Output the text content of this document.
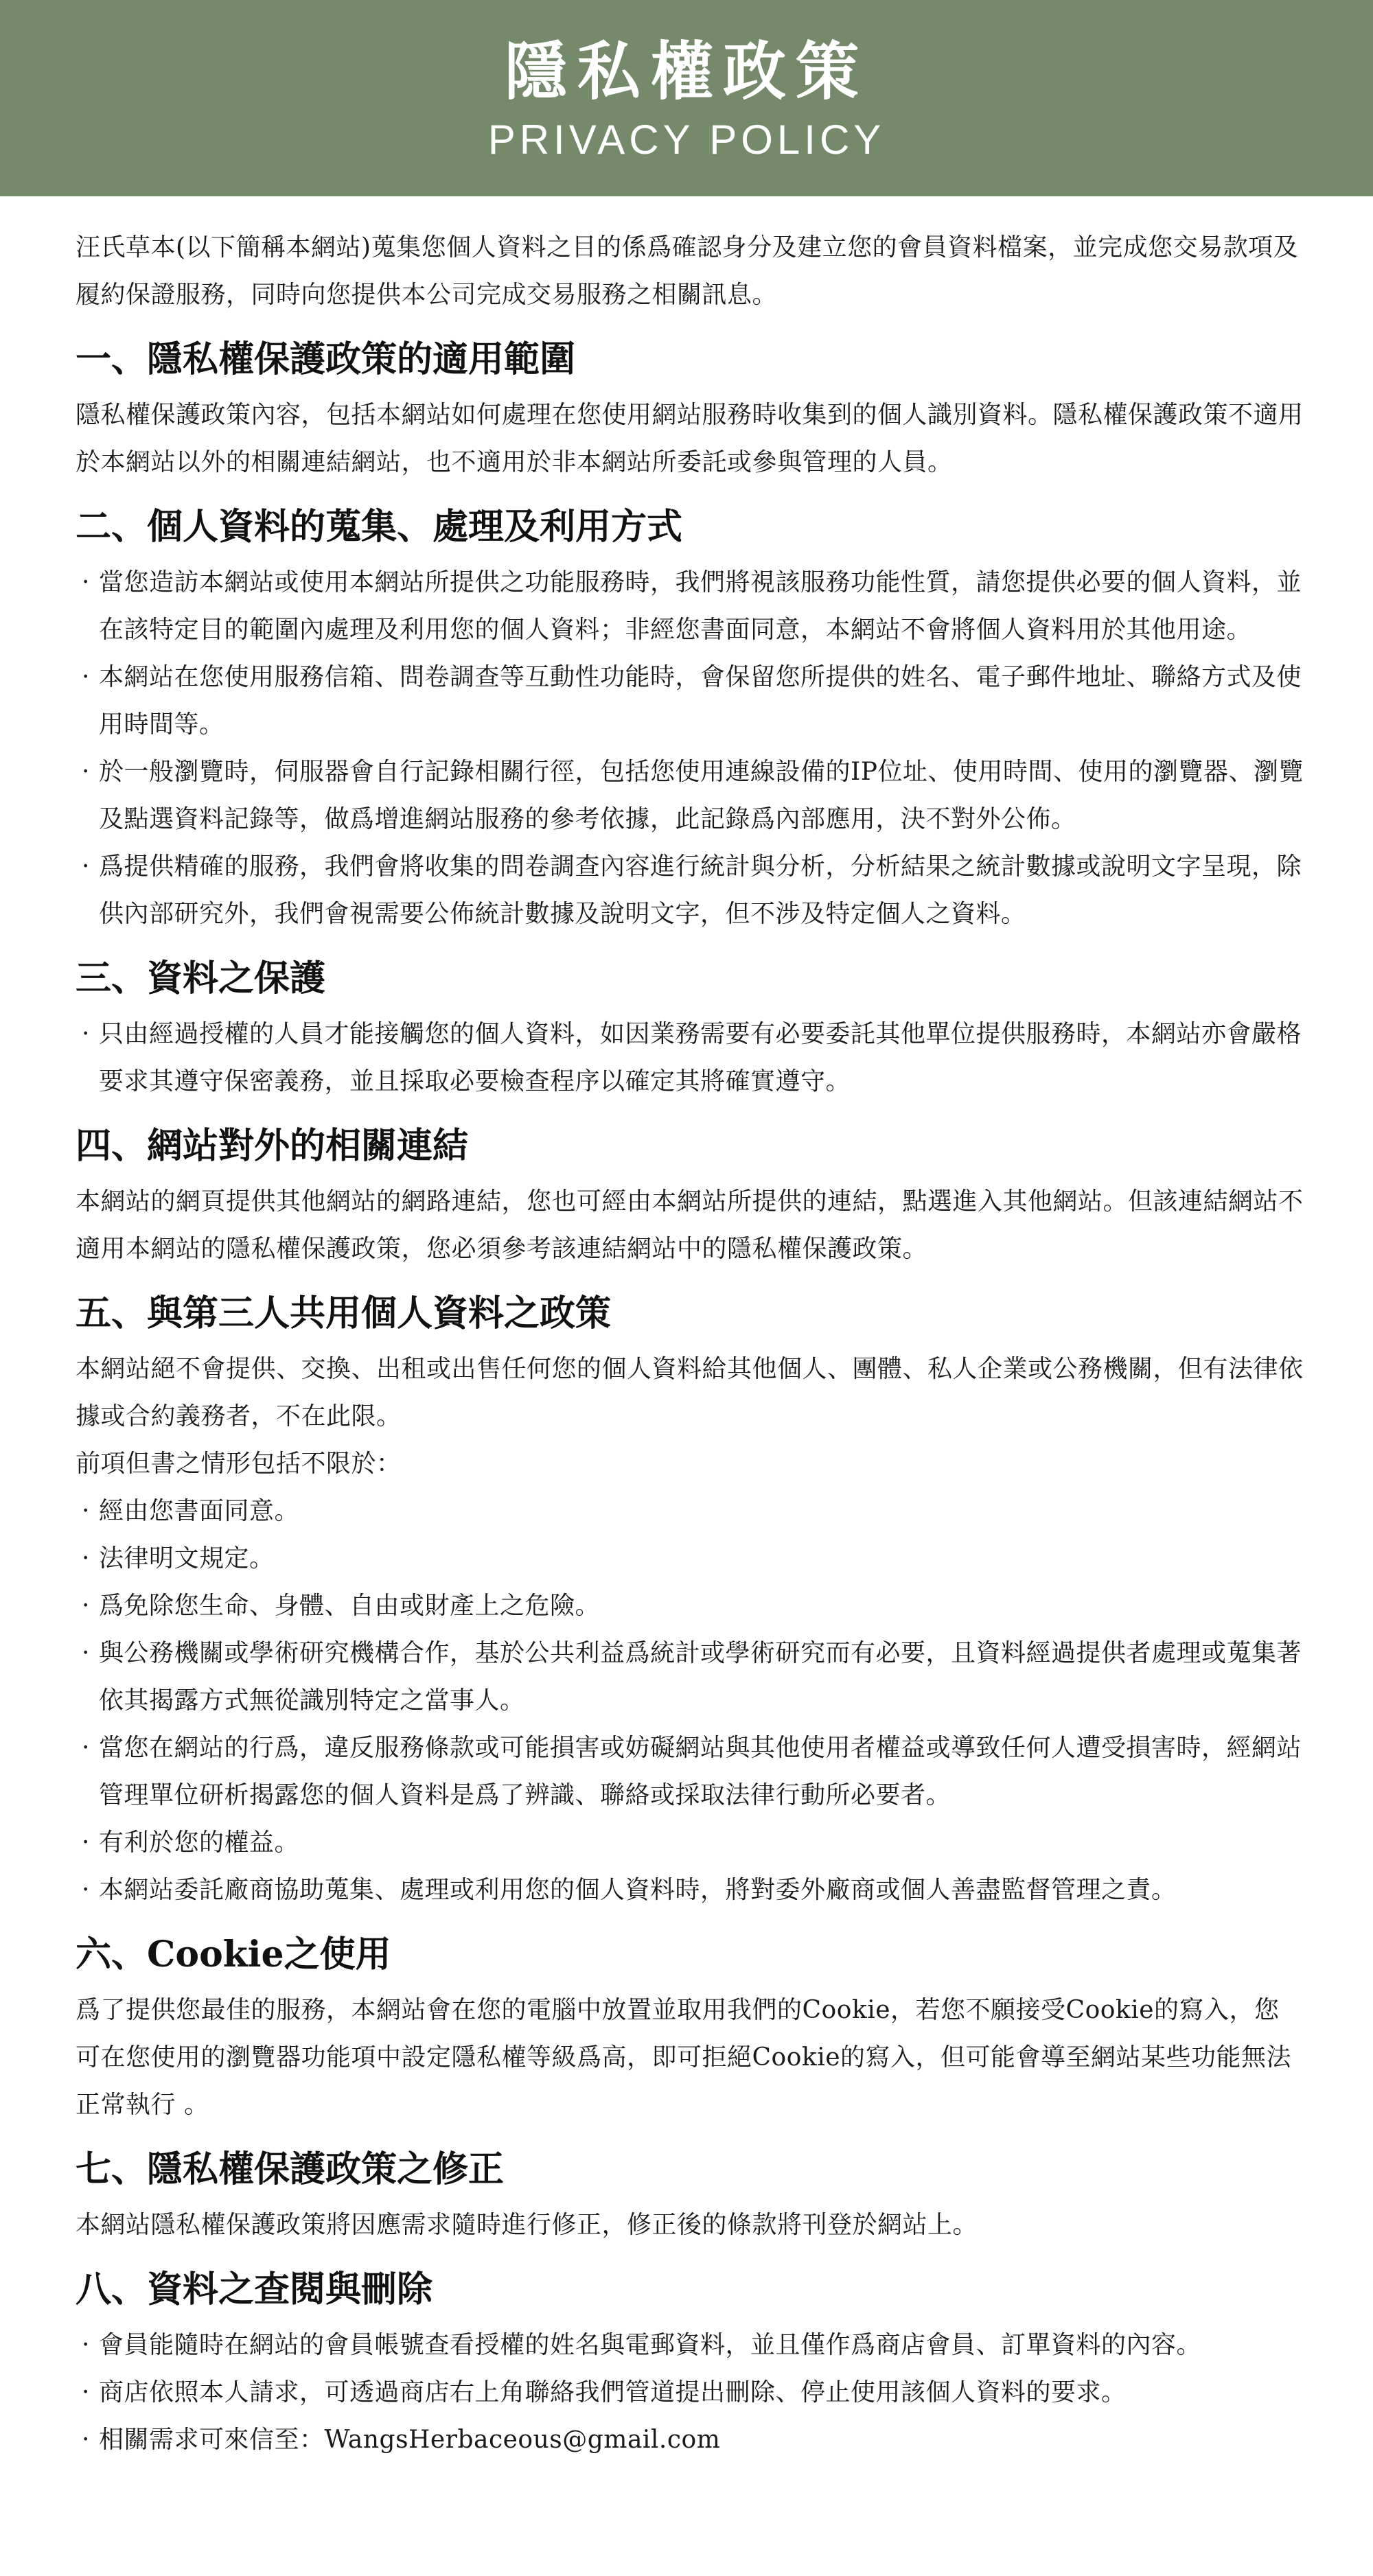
隱私權政策
PRIVACY POLICY

汪氏草本(以下簡稱本網站)蒐集您個人資料之目的係爲確認身分及建立您的會員資料檔案，並完成您交易款項及履約保證服務，同時向您提供本公司完成交易服務之相關訊息。

一、隱私權保護政策的適用範圍

隱私權保護政策內容，包括本網站如何處理在您使用網站服務時收集到的個人識別資料。隱私權保護政策不適用於本網站以外的相關連結網站，也不適用於非本網站所委託或參與管理的人員。

二、個人資料的蒐集、處理及利用方式
· 當您造訪本網站或使用本網站所提供之功能服務時，我們將視該服務功能性質，請您提供必要的個人資料，並在該特定目的範圍內處理及利用您的個人資料；非經您書面同意，本網站不會將個人資料用於其他用途。
· 本網站在您使用服務信箱、問卷調查等互動性功能時，會保留您所提供的姓名、電子郵件地址、聯絡方式及使用時間等。
· 於一般瀏覽時，伺服器會自行記錄相關行徑，包括您使用連線設備的IP位址、使用時間、使用的瀏覽器、瀏覽及點選資料記錄等，做爲增進網站服務的參考依據，此記錄爲內部應用，決不對外公佈。
· 爲提供精確的服務，我們會將收集的問卷調查內容進行統計與分析，分析結果之統計數據或說明文字呈現，除供內部研究外，我們會視需要公佈統計數據及說明文字，但不涉及特定個人之資料。
三、資料之保護
· 只由經過授權的人員才能接觸您的個人資料，如因業務需要有必要委託其他單位提供服務時，本網站亦會嚴格要求其遵守保密義務，並且採取必要檢查程序以確定其將確實遵守。
四、網站對外的相關連結

本網站的網頁提供其他網站的網路連結，您也可經由本網站所提供的連結，點選進入其他網站。但該連結網站不適用本網站的隱私權保護政策，您必須參考該連結網站中的隱私權保護政策。

五、與第三人共用個人資料之政策

本網站絕不會提供、交換、出租或出售任何您的個人資料給其他個人、團體、私人企業或公務機關，但有法律依據或合約義務者，不在此限。

前項但書之情形包括不限於：

· 經由您書面同意。
· 法律明文規定。
· 爲免除您生命、身體、自由或財產上之危險。
· 與公務機關或學術研究機構合作，基於公共利益爲統計或學術研究而有必要，且資料經過提供者處理或蒐集著依其揭露方式無從識別特定之當事人。
· 當您在網站的行爲，違反服務條款或可能損害或妨礙網站與其他使用者權益或導致任何人遭受損害時，經網站管理單位研析揭露您的個人資料是爲了辨識、聯絡或採取法律行動所必要者。
· 有利於您的權益。
· 本網站委託廠商協助蒐集、處理或利用您的個人資料時，將對委外廠商或個人善盡監督管理之責。
六、Cookie之使用

爲了提供您最佳的服務，本網站會在您的電腦中放置並取用我們的Cookie，若您不願接受Cookie的寫入，您可在您使用的瀏覽器功能項中設定隱私權等級爲高，即可拒絕Cookie的寫入，但可能會導至網站某些功能無法正常執行 。

七、隱私權保護政策之修正

本網站隱私權保護政策將因應需求隨時進行修正，修正後的條款將刊登於網站上。

八、資料之查閱與刪除
· 會員能隨時在網站的會員帳號查看授權的姓名與電郵資料，並且僅作爲商店會員、訂單資料的內容。
· 商店依照本人請求，可透過商店右上角聯絡我們管道提出刪除、停止使用該個人資料的要求。
· 相關需求可來信至：WangsHerbaceous@gmail.com
